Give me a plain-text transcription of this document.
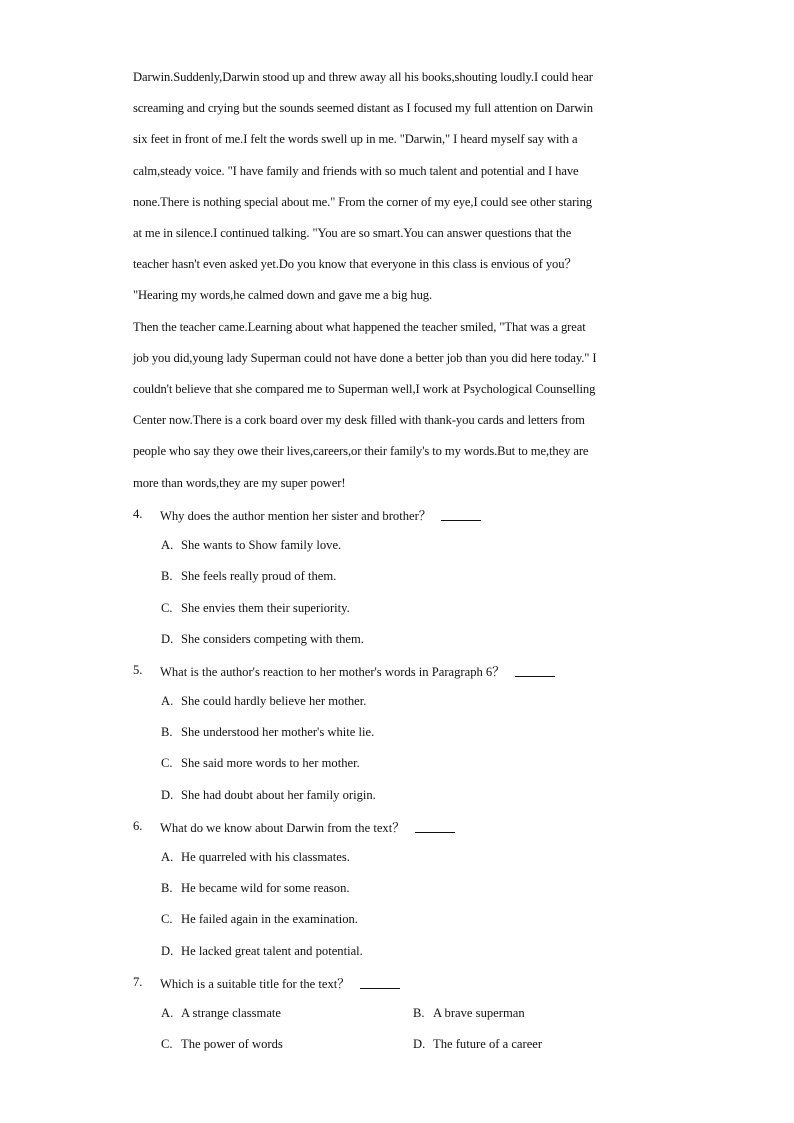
Darwin.Suddenly,Darwin stood up and threw away all his books,shouting loudly.I could hear
screaming and crying but the sounds seemed distant as I focused my full attention on Darwin
six feet in front of me.I felt the words swell up in me. "Darwin," I heard myself say with a
calm,steady voice. "I have family and friends with so much talent and potential and I have
none.There is nothing special about me." From the corner of my eye,I could see other staring
at me in silence.I continued talking. "You are so smart.You can answer questions that the
teacher hasn't even asked yet.Do you know that everyone in this class is envious of you？
"Hearing my words,he calmed down and gave me a big hug.

Then the teacher came.Learning about what happened the teacher smiled, "That was a great
job you did,young lady Superman could not have done a better job than you did here today." I
couldn't believe that she compared me to Superman well,I work at Psychological Counselling
Center now.There is a cork board over my desk filled with thank-you cards and letters from
people who say they owe their lives,careers,or their family's to my words.But to me,they are
more than words,they are my super power!

4.	Why does the author mention her sister and brother？
A. She wants to Show family love.
B. She feels really proud of them.
C. She envies them their superiority.
D. She considers competing with them.
5.	What is the author's reaction to her mother's words in Paragraph 6？
A. She could hardly believe her mother.
B. She understood her mother's white lie.
C. She said more words to her mother.
D. She had doubt about her family origin.
6.	What do we know about Darwin from the text？
A. He quarreled with his classmates.
B. He became wild for some reason.
C. He failed again in the examination.
D. He lacked great talent and potential.
7.	Which is a suitable title for the text？
A. A strange classmate	B. A brave superman
C. The power of words	D. The future of a career
